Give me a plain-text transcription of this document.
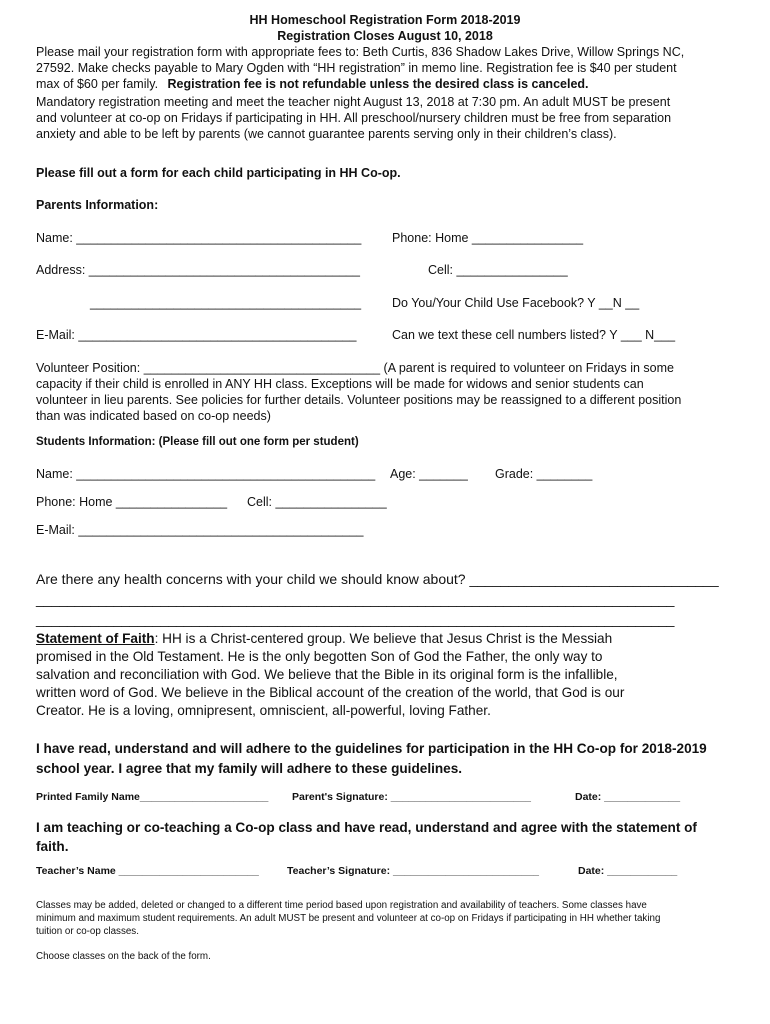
HH Homeschool Registration Form 2018-2019
Registration Closes August 10, 2018
Please mail your registration form with appropriate fees to: Beth Curtis, 836 Shadow Lakes Drive, Willow Springs NC,
27592. Make checks payable to Mary Ogden with “HH registration” in memo line. Registration fee is $40 per student
max of $60 per family. Registration fee is not refundable unless the desired class is canceled.
Mandatory registration meeting and meet the teacher night August 13, 2018 at 7:30 pm. An adult MUST be present
and volunteer at co-op on Fridays if participating in HH. All preschool/nursery children must be free from separation
anxiety and able to be left by parents (we cannot guarantee parents serving only in their children’s class).
Please fill out a form for each child participating in HH Co-op.
Parents Information:
Name: _________________________________________ Phone: Home ________________
Address: _______________________________________	Cell: ________________
_______________________________________ Do You/Your Child Use Facebook? Y __N __
E-Mail: ________________________________________	Can we text these cell numbers listed? Y ___ N___
Volunteer Position: __________________________________ (A parent is required to volunteer on Fridays in some
capacity if their child is enrolled in ANY HH class. Exceptions will be made for widows and senior students can
volunteer in lieu parents. See policies for further details. Volunteer positions may be reassigned to a different position
than was indicated based on co-op needs)
Students Information: (Please fill out one form per student)
Name: ___________________________________________ Age: _______ Grade: ________
Phone: Home ________________ Cell: ________________
E-Mail: _________________________________________
Are there any health concerns with your child we should know about? ________________________________
__________________________________________________________________________________
__________________________________________________________________________________
Statement of Faith: HH is a Christ-centered group. We believe that Jesus Christ is the Messiah
promised in the Old Testament. He is the only begotten Son of God the Father, the only way to
salvation and reconciliation with God. We believe that the Bible in its original form is the infallible,
written word of God. We believe in the Biblical account of the creation of the world, that God is our
Creator. He is a loving, omnipresent, omniscient, all-powerful, loving Father.
I have read, understand and will adhere to the guidelines for participation in the HH Co-op for 2018-2019
school year. I agree that my family will adhere to these guidelines.
Printed Family Name______________________ Parent's Signature: ________________________	Date: _____________
I am teaching or co-teaching a Co-op class and have read, understand and agree with the statement of
faith.
Teacher’s Name ________________________	Teacher’s Signature: _________________________	Date: ____________
Classes may be added, deleted or changed to a different time period based upon registration and availability of teachers. Some classes have
minimum and maximum student requirements. An adult MUST be present and volunteer at co-op on Fridays if participating in HH whether taking
tuition or co-op classes.
Choose classes on the back of the form.
